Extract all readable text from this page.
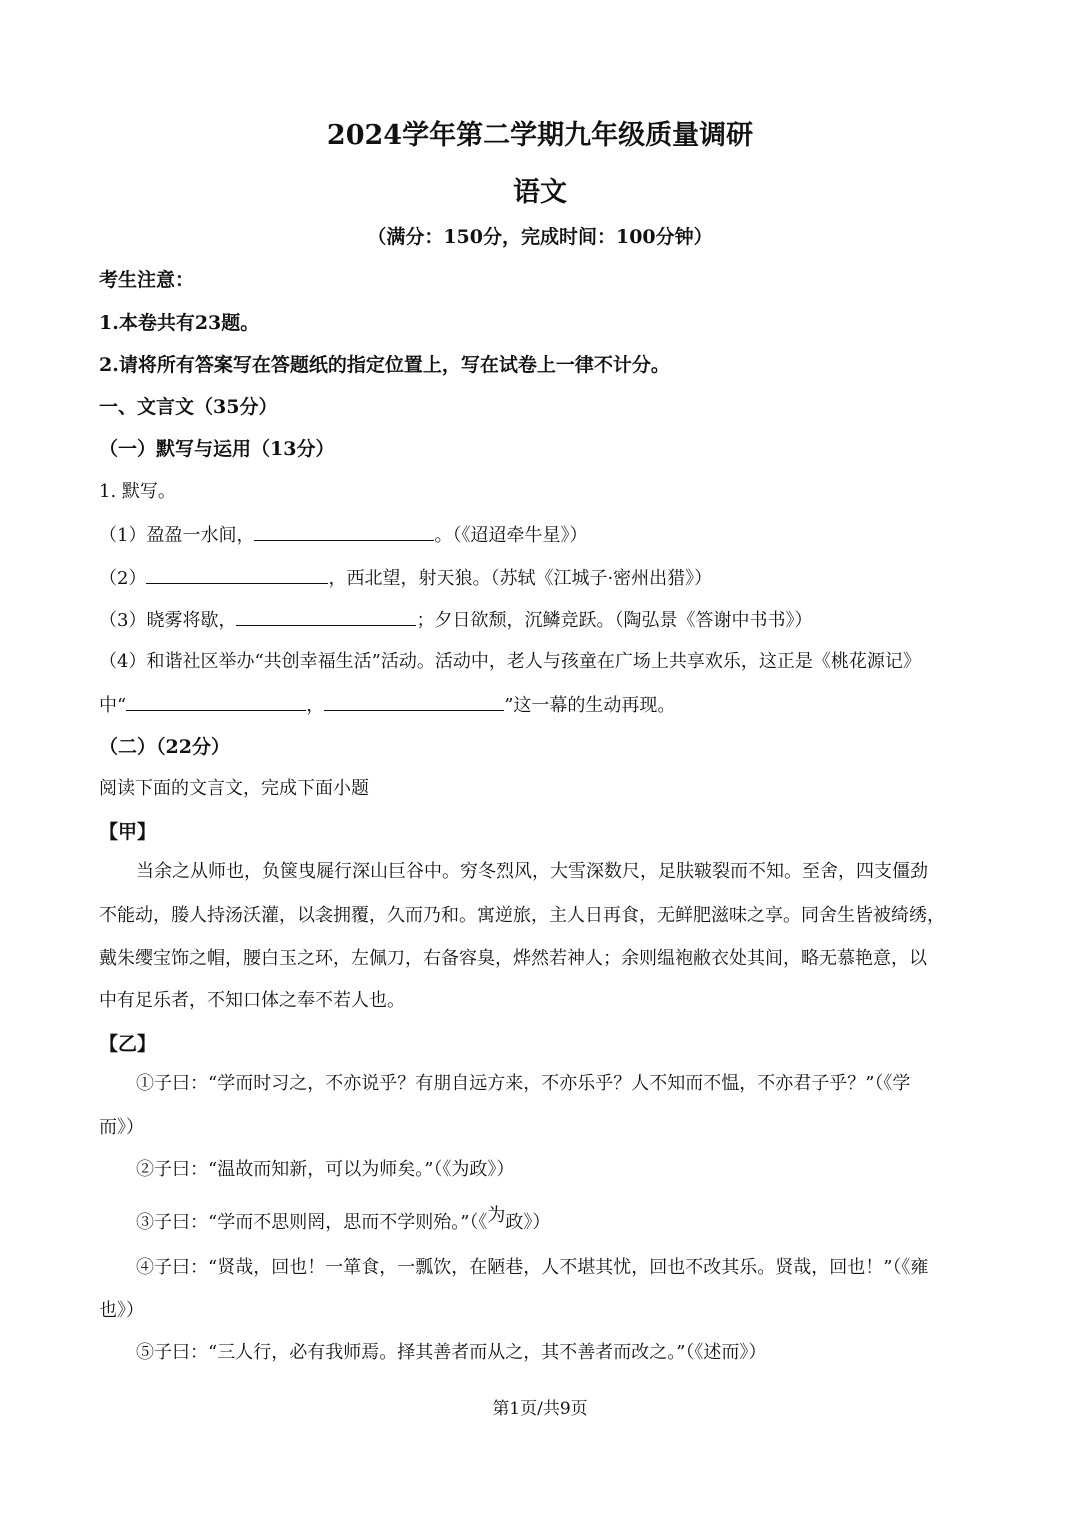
2024学年第二学期九年级质量调研
语文
（满分：150分，完成时间：100分钟）
考生注意：
1.本卷共有23题。
2.请将所有答案写在答题纸的指定位置上，写在试卷上一律不计分。
一、文言文（35分）
（一）默写与运用（13分）
1. 默写。
（1）盈盈一水间，	。（《迢迢牵牛星》）
（2）	，西北望，射天狼。（苏轼《江城子·密州出猎》）
（3）晓雾将歇，	；夕日欲颓，沉鳞竞跃。（陶弘景《答谢中书书》）
（4）和谐社区举办“共创幸福生活”活动。活动中，老人与孩童在广场上共享欢乐，这正是《桃花源记》
中“	，	”这一幕的生动再现。
（二）（22分）
阅读下面的文言文，完成下面小题
【甲】
当余之从师也，负箧曳屣行深山巨谷中。穷冬烈风，大雪深数尺，足肤皲裂而不知。至舍，四支僵劲
不能动，媵人持汤沃灌，以衾拥覆，久而乃和。寓逆旅，主人日再食，无鲜肥滋味之享。同舍生皆被绮绣，
戴朱缨宝饰之帽，腰白玉之环，左佩刀，右备容臭，烨然若神人；余则缊袍敝衣处其间，略无慕艳意，以
中有足乐者，不知口体之奉不若人也。
【乙】
①子曰：“学而时习之，不亦说乎？有朋自远方来，不亦乐乎？人不知而不愠，不亦君子乎？”（《学
而》）
②子曰：“温故而知新，可以为师矣。”（《为政》）
③子曰：“学而不思则罔，思而不学则殆。”（《为政》）
④子曰：“贤哉，回也！一箪食，一瓢饮，在陋巷，人不堪其忧，回也不改其乐。贤哉，回也！”（《雍
也》）
⑤子曰：“三人行，必有我师焉。择其善者而从之，其不善者而改之。”（《述而》）
第1页/共9页
